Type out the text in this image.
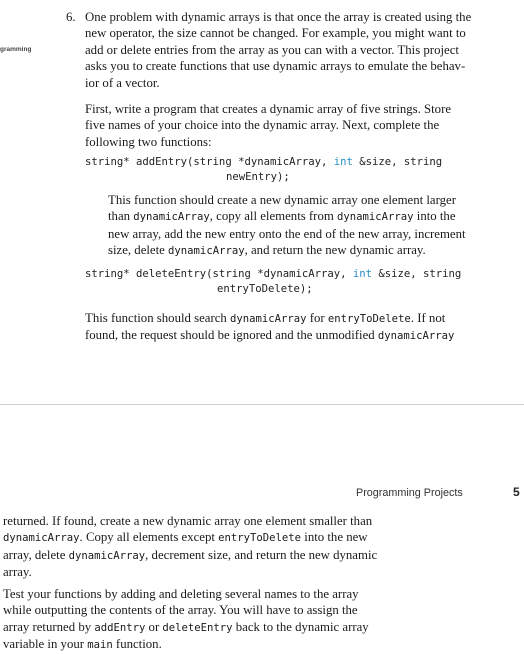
gramming
6. One problem with dynamic arrays is that once the array is created using the
new operator, the size cannot be changed. For example, you might want to
add or delete entries from the array as you can with a vector. This project
asks you to create functions that use dynamic arrays to emulate the behav-
ior of a vector.
First, write a program that creates a dynamic array of five strings. Store
five names of your choice into the dynamic array. Next, complete the
following two functions:
string* addEntry(string *dynamicArray, int &size, string
newEntry);
This function should create a new dynamic array one element larger
than dynamicArray, copy all elements from dynamicArray into the
new array, add the new entry onto the end of the new array, increment
size, delete dynamicArray, and return the new dynamic array.
string* deleteEntry(string *dynamicArray, int &size, string
entryToDelete);
This function should search dynamicArray for entryToDelete. If not
found, the request should be ignored and the unmodified dynamicArray
Programming Projects	5
returned. If found, create a new dynamic array one element smaller than
dynamicArray. Copy all elements except entryToDelete into the new
array, delete dynamicArray, decrement size, and return the new dynamic
array.
Test your functions by adding and deleting several names to the array
while outputting the contents of the array. You will have to assign the
array returned by addEntry or deleteEntry back to the dynamic array
variable in your main function.
